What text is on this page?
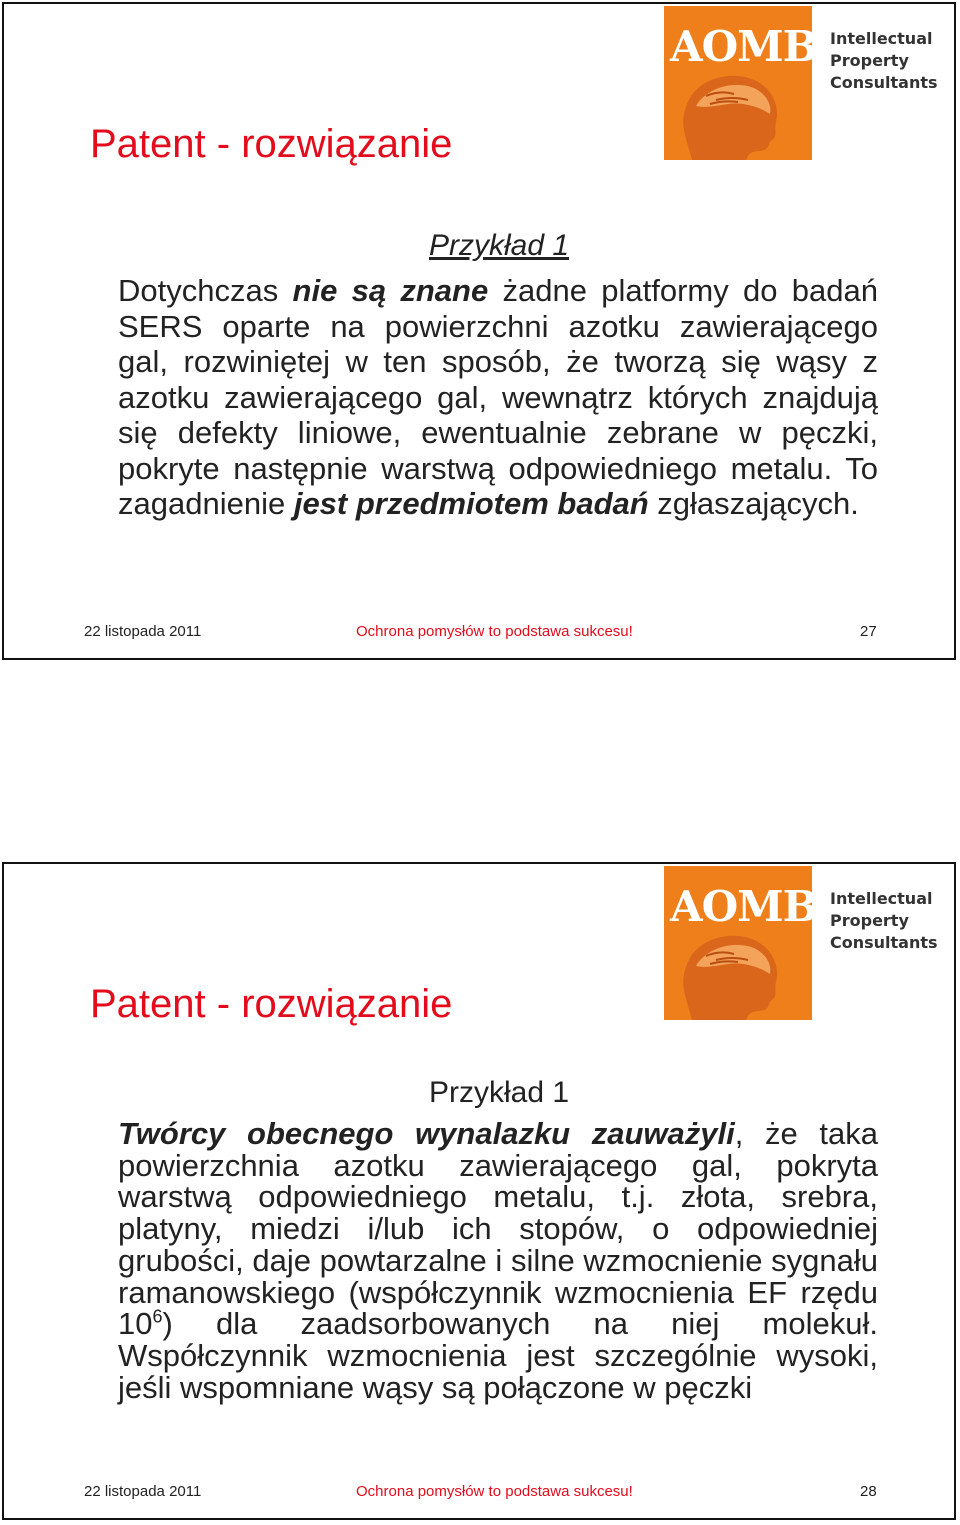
AOMB Intellectual
Property
Consultants
Patent - rozwiązanie
Przykład 1
Dotychczas nie są znane żadne platformy do badań SERS oparte na powierzchni azotku zawierającego gal, rozwiniętej w ten sposób, że tworzą się wąsy z azotku zawierającego gal, wewnątrz których znajdują się defekty liniowe, ewentualnie zebrane w pęczki, pokryte następnie warstwą odpowiedniego metalu. To zagadnienie jest przedmiotem badań zgłaszających.
22 listopada 2011	Ochrona pomysłów to podstawa sukcesu!	27
AOMB Intellectual
Property
Consultants
Patent - rozwiązanie
Przykład 1
Twórcy obecnego wynalazku zauważyli, że taka powierzchnia azotku zawierającego gal, pokryta warstwą odpowiedniego metalu, t.j. złota, srebra, platyny, miedzi i/lub ich stopów, o odpowiedniej grubości, daje powtarzalne i silne wzmocnienie sygnału ramanowskiego (współczynnik wzmocnienia EF rzędu $10^6$) dla zaadsorbowanych na niej molekuł. Współczynnik wzmocnienia jest szczególnie wysoki, jeśli wspomniane wąsy są połączone w pęczki
22 listopada 2011	Ochrona pomysłów to podstawa sukcesu!	28
